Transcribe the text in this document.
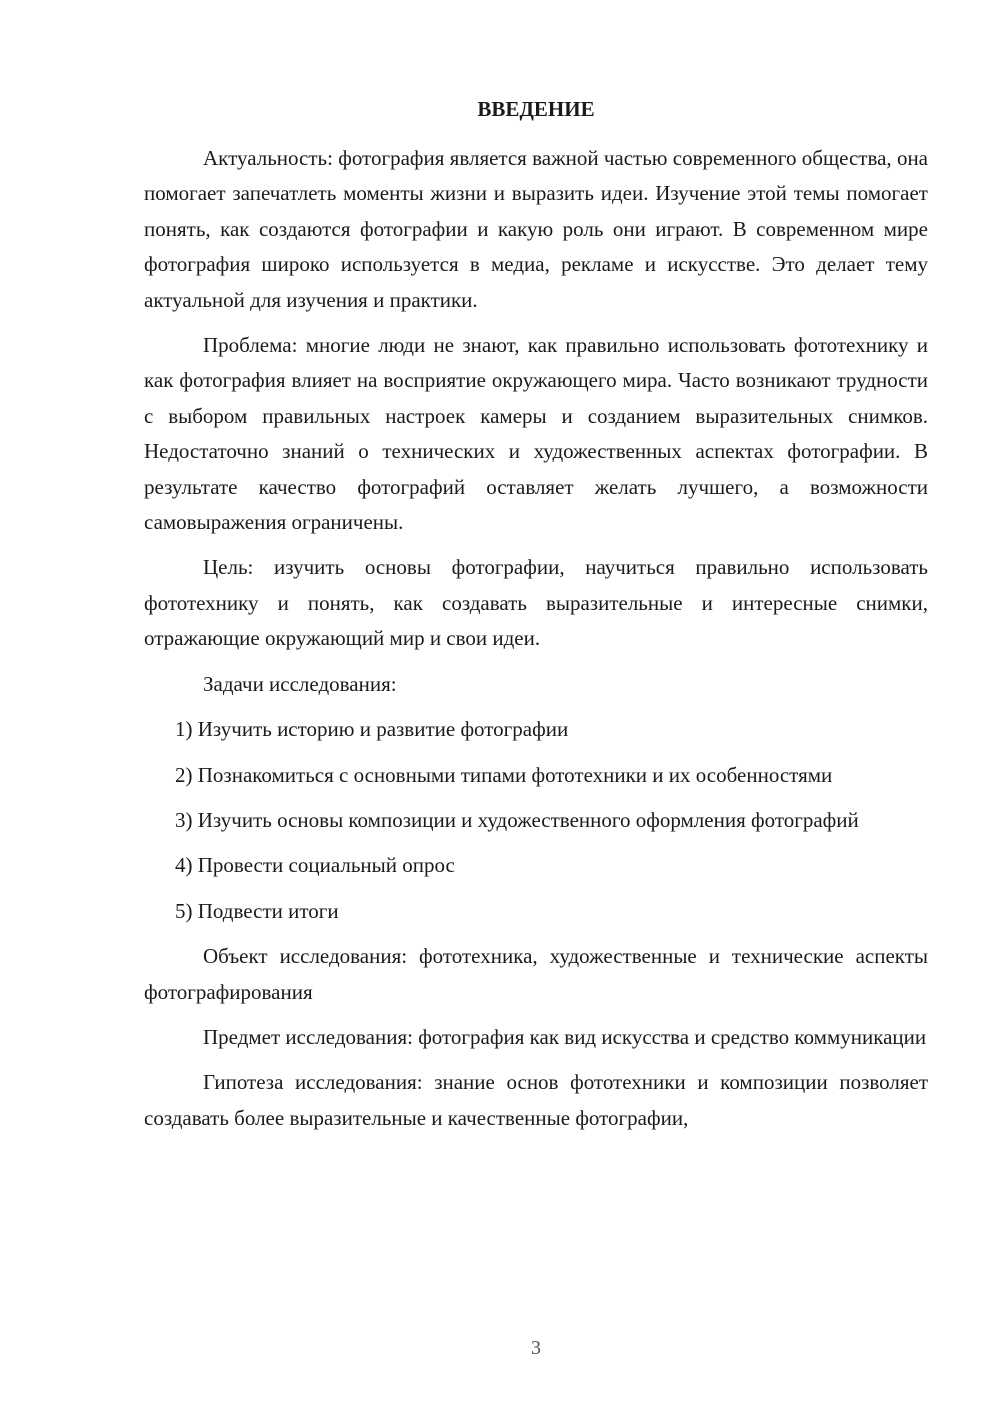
ВВЕДЕНИЕ

Актуальность: фотография является важной частью современного общества, она помогает запечатлеть моменты жизни и выразить идеи. Изучение этой темы помогает понять, как создаются фотографии и какую роль они играют. В современном мире фотография широко используется в медиа, рекламе и искусстве. Это делает тему актуальной для изучения и практики.

Проблема: многие люди не знают, как правильно использовать фототехнику и как фотография влияет на восприятие окружающего мира. Часто возникают трудности с выбором правильных настроек камеры и созданием выразительных снимков. Недостаточно знаний о технических и художественных аспектах фотографии. В результате качество фотографий оставляет желать лучшего, а возможности самовыражения ограничены.

Цель: изучить основы фотографии, научиться правильно использовать фототехнику и понять, как создавать выразительные и интересные снимки, отражающие окружающий мир и свои идеи.

Задачи исследования:

1) Изучить историю и развитие фотографии

2) Познакомиться с основными типами фототехники и их особенностями

3) Изучить основы композиции и художественного оформления фотографий

4) Провести социальный опрос

5) Подвести итоги

Объект исследования: фототехника, художественные и технические аспекты фотографирования

Предмет исследования: фотография как вид искусства и средство коммуникации

Гипотеза исследования: знание основ фототехники и композиции позволяет создавать более выразительные и качественные фотографии,

3
